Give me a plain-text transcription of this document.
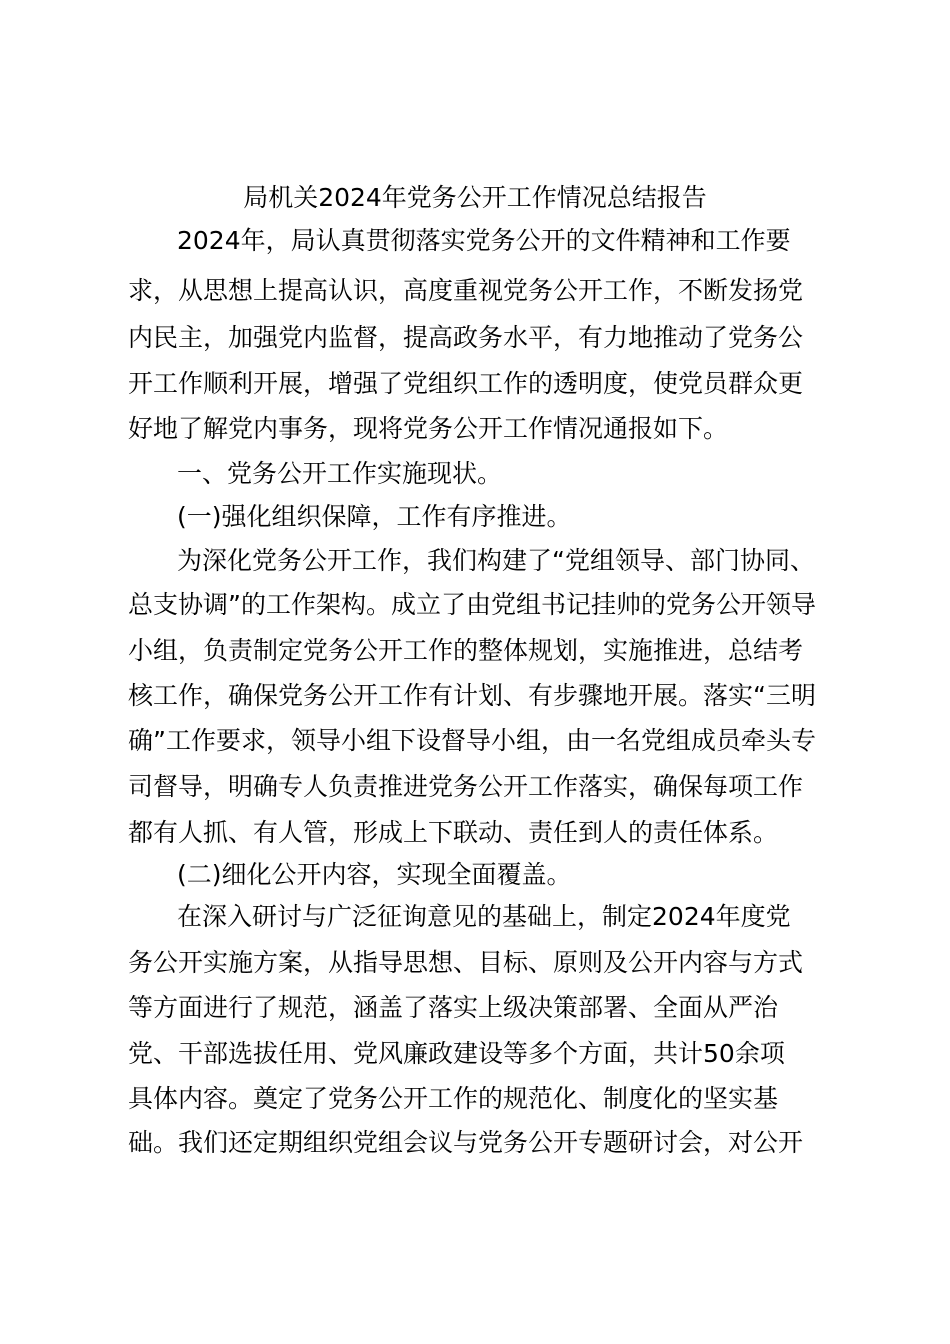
局机关2024年党务公开工作情况总结报告
2024年，局认真贯彻落实党务公开的文件精神和工作要
求，从思想上提高认识，高度重视党务公开工作，不断发扬党
内民主，加强党内监督，提高政务水平，有力地推动了党务公
开工作顺利开展，增强了党组织工作的透明度，使党员群众更
好地了解党内事务，现将党务公开工作情况通报如下。
一、党务公开工作实施现状。
(一)强化组织保障，工作有序推进。
为深化党务公开工作，我们构建了“党组领导、部门协同、
总支协调”的工作架构。成立了由党组书记挂帅的党务公开领导
小组，负责制定党务公开工作的整体规划，实施推进，总结考
核工作，确保党务公开工作有计划、有步骤地开展。落实“三明
确”工作要求，领导小组下设督导小组，由一名党组成员牵头专
司督导，明确专人负责推进党务公开工作落实，确保每项工作
都有人抓、有人管，形成上下联动、责任到人的责任体系。
(二)细化公开内容，实现全面覆盖。
在深入研讨与广泛征询意见的基础上，制定2024年度党
务公开实施方案，从指导思想、目标、原则及公开内容与方式
等方面进行了规范，涵盖了落实上级决策部署、全面从严治
党、干部选拔任用、党风廉政建设等多个方面，共计50余项
具体内容。奠定了党务公开工作的规范化、制度化的坚实基
础。我们还定期组织党组会议与党务公开专题研讨会，对公开
